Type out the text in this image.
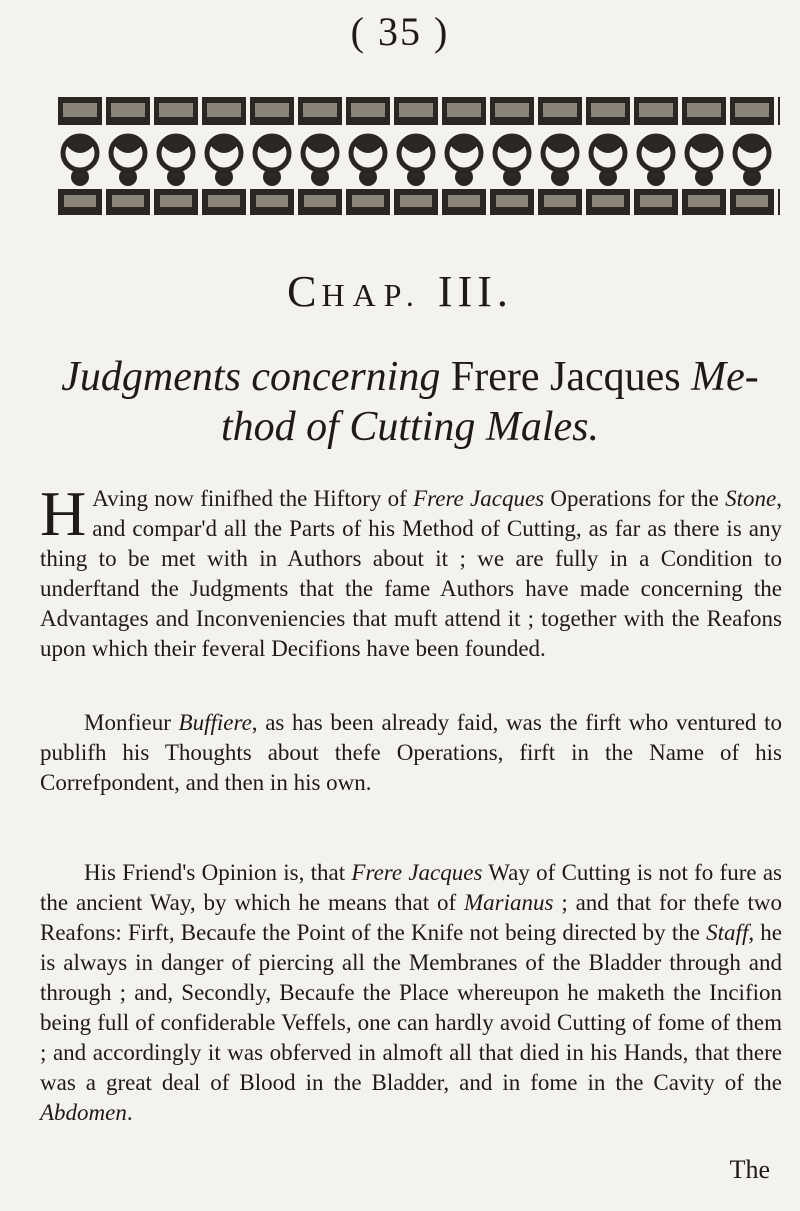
( 35 )
CHAP. III.
Judgments concerning Frere Jacques Me-
thod of Cutting Males.

H Aving now finifhed the Hiftory of Frere Jacques Operations for the Stone, and compar'd all the Parts of his Method of Cutting, as far as there is any thing to be met with in Authors about it ; we are fully in a Condition to underftand the Judgments that the fame Authors have made concerning the Advantages and Inconveniencies that muft attend it ; together with the Reafons upon which their feveral Decifions have been founded.

Monfieur Buffiere, as has been already faid, was the firft who ventured to publifh his Thoughts about thefe Operations, firft in the Name of his Correfpondent, and then in his own.

His Friend's Opinion is, that Frere Jacques Way of Cutting is not fo fure as the ancient Way, by which he means that of Marianus ; and that for thefe two Reafons: Firft, Becaufe the Point of the Knife not being directed by the Staff, he is always in danger of piercing all the Membranes of the Bladder through and through ; and, Secondly, Becaufe the Place whereupon he maketh the Incifion being full of confiderable Veffels, one can hardly avoid Cutting of fome of them ; and accordingly it was obferved in almoft all that died in his Hands, that there was a great deal of Blood in the Bladder, and in fome in the Cavity of the Abdomen.

The
